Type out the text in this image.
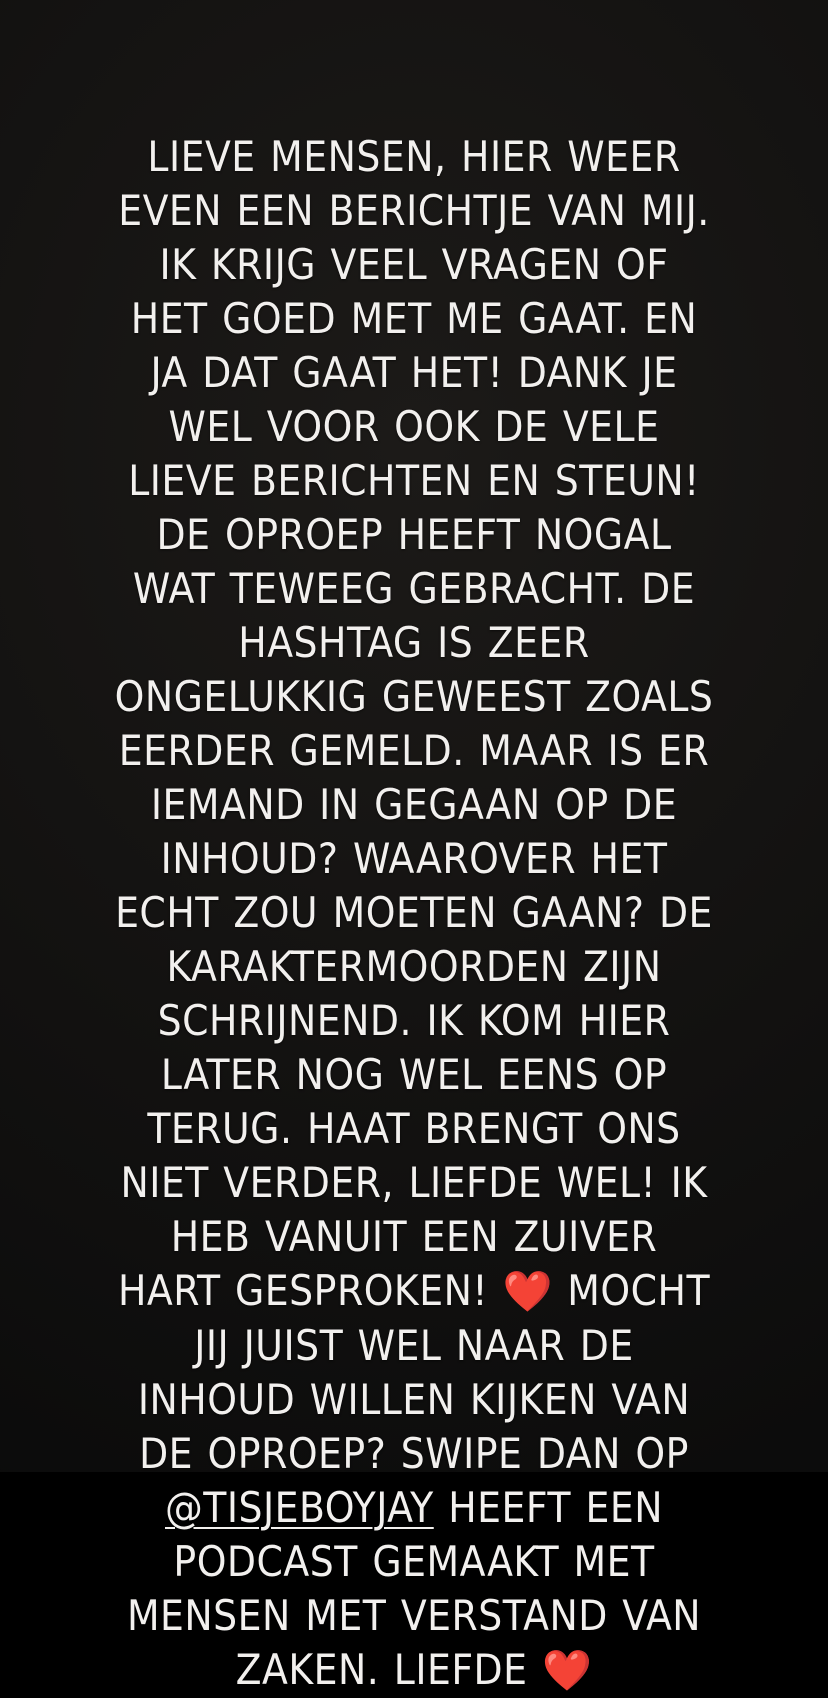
LIEVE MENSEN, HIER WEER EVEN EEN BERICHTJE VAN MIJ. IK KRIJG VEEL VRAGEN OF HET GOED MET ME GAAT. EN JA DAT GAAT HET! DANK JE WEL VOOR OOK DE VELE LIEVE BERICHTEN EN STEUN! DE OPROEP HEEFT NOGAL WAT TEWEEG GEBRACHT. DE HASHTAG IS ZEER ONGELUKKIG GEWEEST ZOALS EERDER GEMELD. MAAR IS ER IEMAND IN GEGAAN OP DE INHOUD? WAAROVER HET ECHT ZOU MOETEN GAAN? DE KARAKTERMOORDEN ZIJN SCHRIJNEND. IK KOM HIER LATER NOG WEL EENS OP TERUG. HAAT BRENGT ONS NIET VERDER, LIEFDE WEL! IK HEB VANUIT EEN ZUIVER HART GESPROKEN! ❤️ MOCHT JIJ JUIST WEL NAAR DE INHOUD WILLEN KIJKEN VAN DE OPROEP? SWIPE DAN OP @TISJEBOYJAY HEEFT EEN PODCAST GEMAAKT MET MENSEN MET VERSTAND VAN ZAKEN. LIEFDE ❤️
